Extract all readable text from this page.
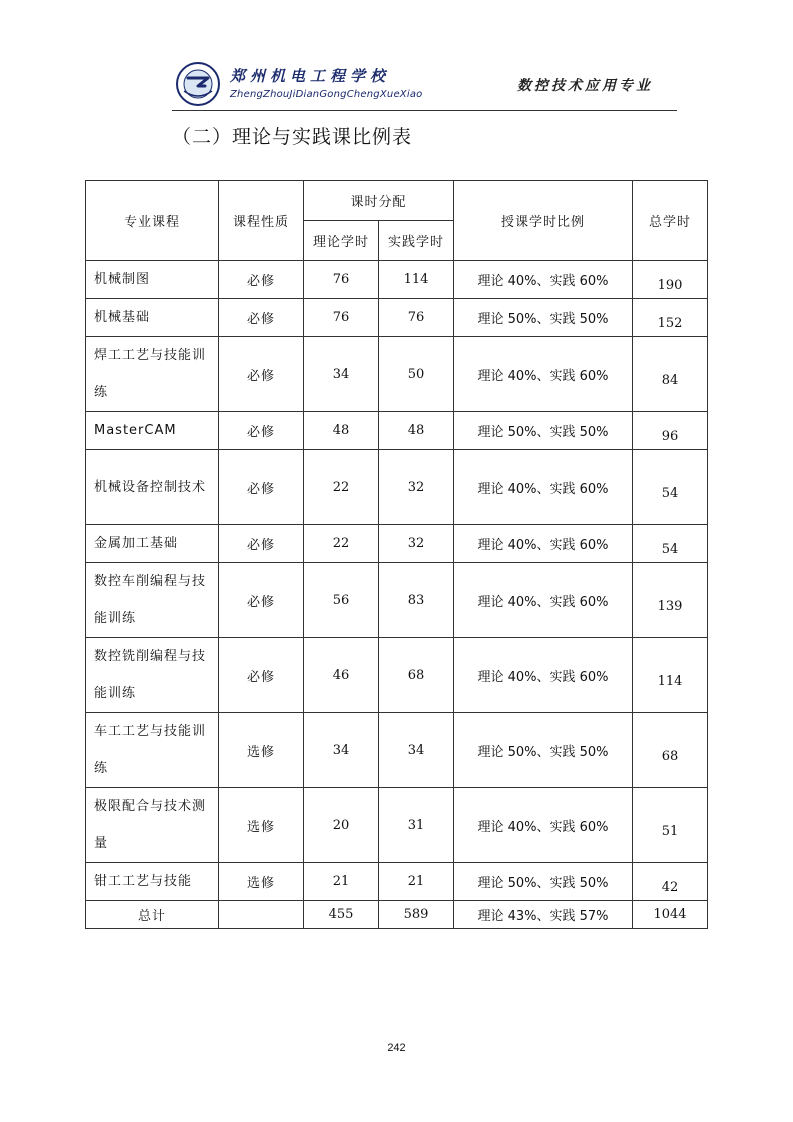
郑州机电工程学校
ZhengZhouJiDianGongChengXueXiao
数控技术应用专业
（二）理论与实践课比例表
专业课程	课程性质	课时分配		授课学时比例	总学时
		理论学时	实践学时		
机械制图	必修	76	114	理论 40%、实践 60%	190
机械基础	必修	76	76	理论 50%、实践 50%	152
焊工工艺与技能训练	必修	34	50	理论 40%、实践 60%	84
MasterCAM	必修	48	48	理论 50%、实践 50%	96
机械设备控制技术	必修	22	32	理论 40%、实践 60%	54
金属加工基础	必修	22	32	理论 40%、实践 60%	54
数控车削编程与技能训练	必修	56	83	理论 40%、实践 60%	139
数控铣削编程与技能训练	必修	46	68	理论 40%、实践 60%	114
车工工艺与技能训练	选修	34	34	理论 50%、实践 50%	68
极限配合与技术测量	选修	20	31	理论 40%、实践 60%	51
钳工工艺与技能	选修	21	21	理论 50%、实践 50%	42
总计		455	589	理论 43%、实践 57%	1044
242
